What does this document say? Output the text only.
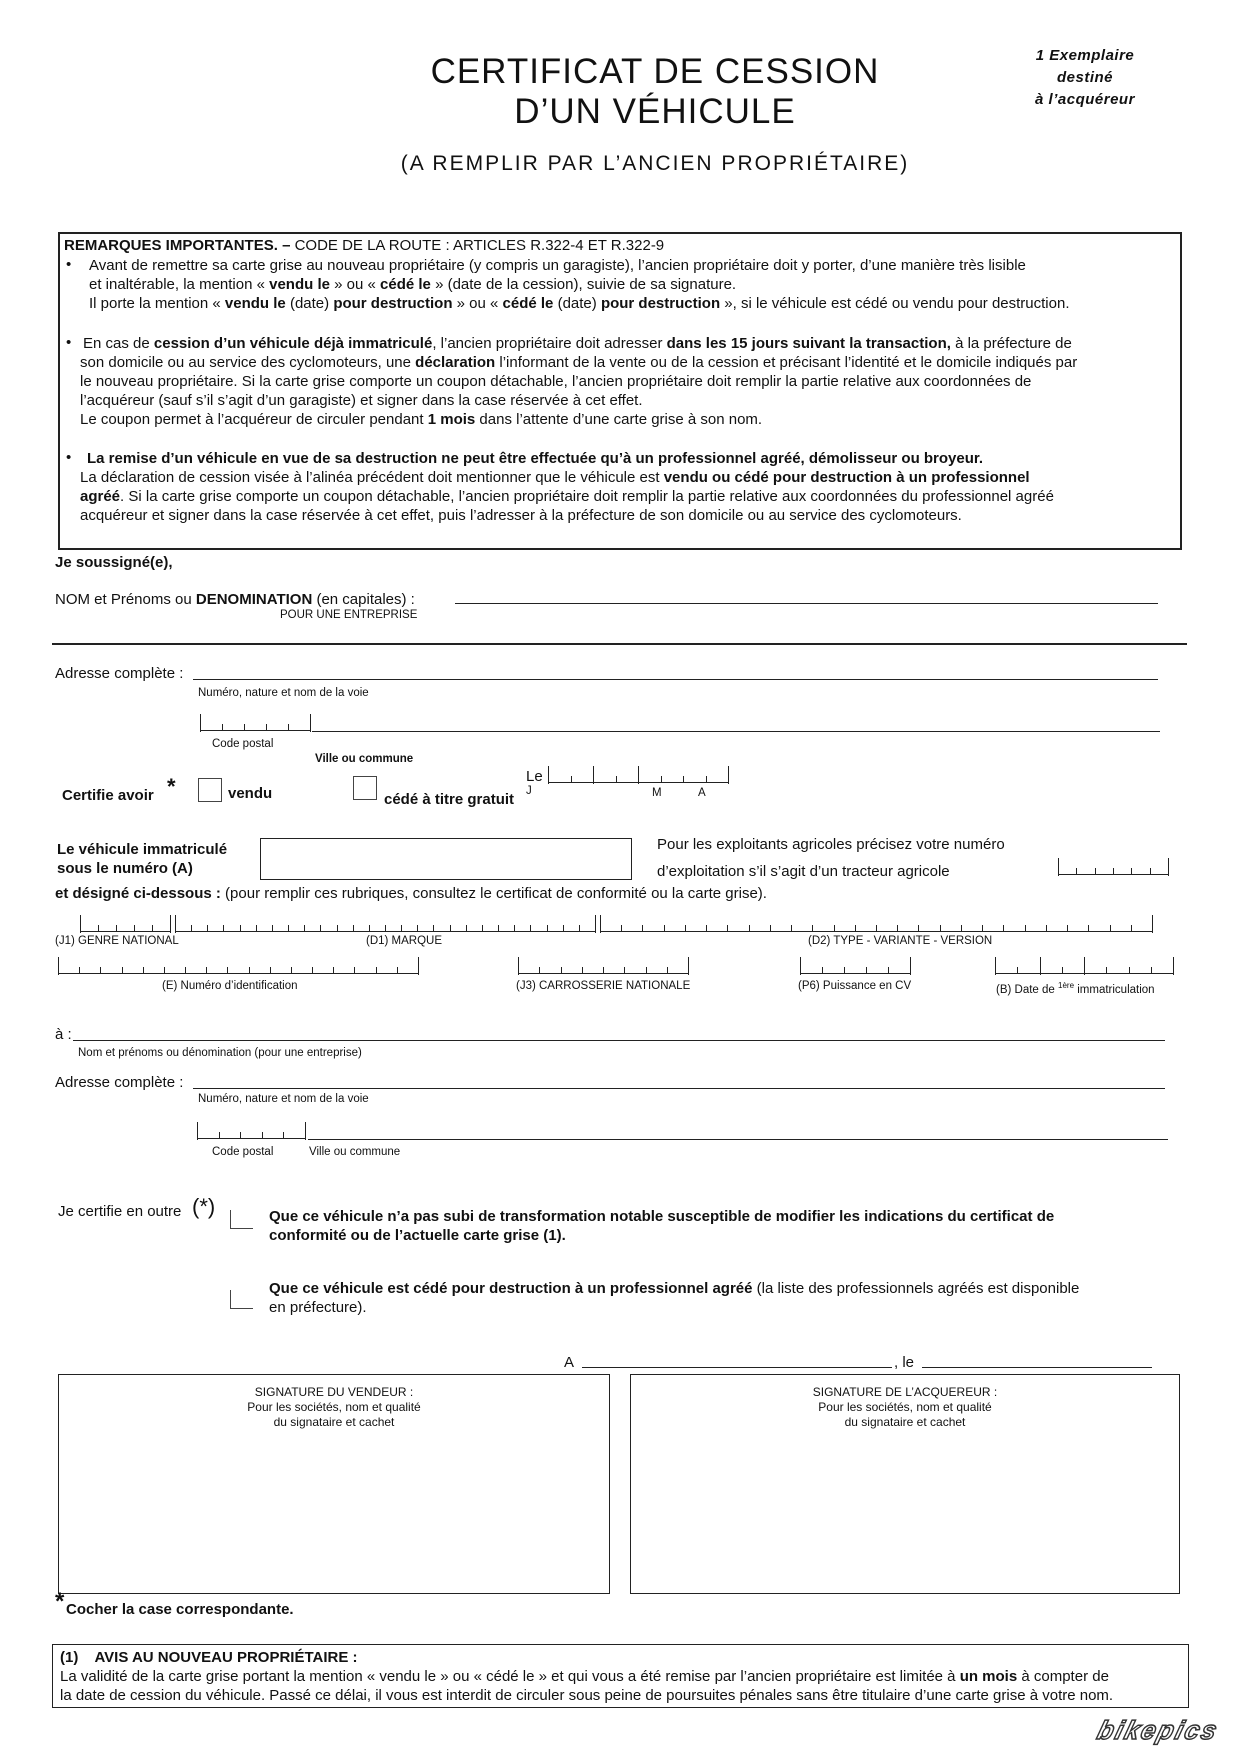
CERTIFICAT DE CESSION
D’UN VÉHICULE
(A REMPLIR PAR L’ANCIEN PROPRIÉTAIRE)
1 Exemplaire
destiné
à l’acquéreur
REMARQUES IMPORTANTES. – CODE DE LA ROUTE : ARTICLES R.322-4 ET R.322-9
• Avant de remettre sa carte grise au nouveau propriétaire (y compris un garagiste), l’ancien propriétaire doit y porter, d’une manière très lisible
et inaltérable, la mention « vendu le » ou « cédé le » (date de la cession), suivie de sa signature.
Il porte la mention « vendu le (date) pour destruction » ou « cédé le (date) pour destruction », si le véhicule est cédé ou vendu pour destruction.
• En cas de cession d’un véhicule déjà immatriculé, l’ancien propriétaire doit adresser dans les 15 jours suivant la transaction, à la préfecture de
son domicile ou au service des cyclomoteurs, une déclaration l’informant de la vente ou de la cession et précisant l’identité et le domicile indiqués par
le nouveau propriétaire. Si la carte grise comporte un coupon détachable, l’ancien propriétaire doit remplir la partie relative aux coordonnées de
l’acquéreur (sauf s’il s’agit d’un garagiste) et signer dans la case réservée à cet effet.
Le coupon permet à l’acquéreur de circuler pendant 1 mois dans l’attente d’une carte grise à son nom.
• La remise d’un véhicule en vue de sa destruction ne peut être effectuée qu’à un professionnel agréé, démolisseur ou broyeur.
La déclaration de cession visée à l’alinéa précédent doit mentionner que le véhicule est vendu ou cédé pour destruction à un professionnel
agréé. Si la carte grise comporte un coupon détachable, l’ancien propriétaire doit remplir la partie relative aux coordonnées du professionnel agréé
acquéreur et signer dans la case réservée à cet effet, puis l’adresser à la préfecture de son domicile ou au service des cyclomoteurs.
Je soussigné(e),
NOM et Prénoms ou DENOMINATION (en capitales) :
POUR UNE ENTREPRISE
Adresse complète :
Numéro, nature et nom de la voie
Code postal
Ville ou commune
Certifie avoir *	vendu	cédé à titre gratuit
Le
J	M	A
Le véhicule immatriculé
sous le numéro (A)
Pour les exploitants agricoles précisez votre numéro
d’exploitation s’il s’agit d’un tracteur agricole
et désigné ci-dessous : (pour remplir ces rubriques, consultez le certificat de conformité ou la carte grise).
(J1) GENRE NATIONAL	(D1) MARQUE	(D2) TYPE - VARIANTE - VERSION
(E) Numéro d’identification	(J3) CARROSSERIE NATIONALE	(P6) Puissance en CV	(B) Date de $^{1ère}$ immatriculation
à :
Nom et prénoms ou dénomination (pour une entreprise)
Adresse complète :
Numéro, nature et nom de la voie
Code postal	Ville ou commune
Je certifie en outre (*)	Que ce véhicule n’a pas subi de transformation notable susceptible de modifier les indications du certificat de
conformité ou de l’actuelle carte grise (1).
Que ce véhicule est cédé pour destruction à un professionnel agréé (la liste des professionnels agréés est disponible
en préfecture).
A	, le
SIGNATURE DU VENDEUR :
Pour les sociétés, nom et qualité
du signataire et cachet
SIGNATURE DE L’ACQUEREUR :
Pour les sociétés, nom et qualité
du signataire et cachet
* Cocher la case correspondante.
(1)    AVIS AU NOUVEAU PROPRIÉTAIRE :
La validité de la carte grise portant la mention « vendu le » ou « cédé le » et qui vous a été remise par l’ancien propriétaire est limitée à un mois à compter de
la date de cession du véhicule. Passé ce délai, il vous est interdit de circuler sous peine de poursuites pénales sans être titulaire d’une carte grise à votre nom.
bikepics
